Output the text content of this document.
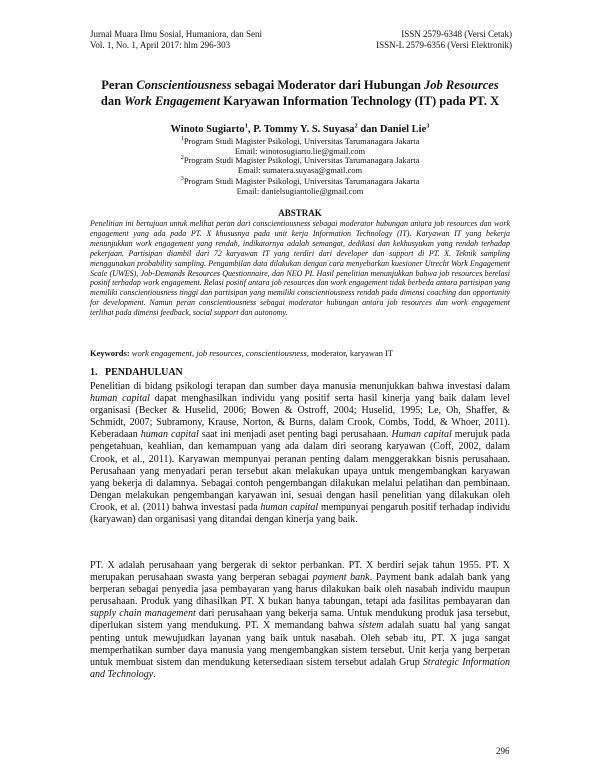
Jurnal Muara Ilmu Sosial, Humaniora, dan Seni
Vol. 1, No. 1, April 2017: hlm 296-303
ISSN 2579-6348 (Versi Cetak)
ISSN-L 2579-6356 (Versi Elektronik)
Peran Conscientiousness sebagai Moderator dari Hubungan Job Resources
dan Work Engagement Karyawan Information Technology (IT) pada PT. X
Winoto Sugiarto$^1$, P. Tommy Y. S. Suyasa$^2$ dan Daniel Lie$^3$
$^1$Program Studi Magister Psikologi, Universitas Tarumanagara Jakarta
Email: winotosugiarto.lie@gmail.com
$^2$Program Studi Magister Psikologi, Universitas Tarumanagara Jakarta
Email: sumatera.suyasa@gmail.com
$^3$Program Studi Magister Psikologi, Universitas Tarumanagara Jakarta
Email: danielsugiantolie@gmail.com
ABSTRAK
Penelitian ini bertujuan untuk melihat peran dari conscientiousness sebagai moderator hubungan antara job resources dan work engagement yang ada pada PT. X khususnya pada unit kerja Information Technology (IT). Karyawan IT yang bekerja menunjukkan work engagement yang rendah, indikatornya adalah semangat, dedikasi dan kekhusyukan yang rendah terhadap pekerjaan. Partisipan diambil dari 72 karyawan IT yang terdiri dari developer dan support di PT. X. Teknik sampling menggunakan probability sampling. Pengambilan data dilakukan dengan cara menyebarkan kuesioner Utrecht Work Engagement Scale (UWES), Job-Demands Resources Questionnaire, dan NEO PI. Hasil penelitian menunjukkan bahwa job resources berelasi positif terhadap work engagement. Relasi positif antara job resources dan work engagement tidak berbeda antara partisipan yang memiliki conscientiousness tinggi dan partisipan yang memiliki conscientiousness rendah pada dimensi coaching dan opportunity for development. Namun peran conscientiousness sebagai moderator hubungan antara job resources dan work engagement terlihat pada dimensi feedback, social support dan autonomy.
Keywords: work engagement, job resources, conscientiousness, moderator, karyawan IT
1. PENDAHULUAN
Penelitian di bidang psikologi terapan dan sumber daya manusia menunjukkan bahwa investasi dalam human capital dapat menghasilkan individu yang positif serta hasil kinerja yang baik dalam level organisasi (Becker & Huselid, 2006; Bowen & Ostroff, 2004; Huselid, 1995; Le, Oh, Shaffer, & Schmidt, 2007; Subramony, Krause, Norton, & Burns, dalam Crook, Combs, Todd, & Whoer, 2011). Keberadaan human capital saat ini menjadi aset penting bagi perusahaan. Human capital merujuk pada pengetahuan, keahlian, dan kemampuan yang ada dalam diri seorang karyawan (Coff, 2002, dalam Crook, et al., 2011). Karyawan mempunyai peranan penting dalam menggerakkan bisnis perusahaan. Perusahaan yang menyadari peran tersebut akan melakukan upaya untuk mengembangkan karyawan yang bekerja di dalamnya. Sebagai contoh pengembangan dilakukan melalui pelatihan dan pembinaan. Dengan melakukan pengembangan karyawan ini, sesuai dengan hasil penelitian yang dilakukan oleh Crook, et al. (2011) bahwa investasi pada human capital mempunyai pengaruh positif terhadap individu (karyawan) dan organisasi yang ditandai dengan kinerja yang baik.
PT. X adalah perusahaan yang bergerak di sektor perbankan. PT. X berdiri sejak tahun 1955. PT. X merupakan perusahaan swasta yang berperan sebagai payment bank. Payment bank adalah bank yang berperan sebagai penyedia jasa pembayaran yang harus dilakukan baik oleh nasabah individu maupun perusahaan. Produk yang dihasilkan PT. X bukan hanya tabungan, tetapi ada fasilitas pembayaran dan supply chain management dari perusahaan yang bekerja sama. Untuk mendukung produk jasa tersebut, diperlukan sistem yang mendukung. PT. X memandang bahwa sistem adalah suatu hal yang sangat penting untuk mewujudkan layanan yang baik untuk nasabah. Oleh sebab itu, PT. X juga sangat memperhatikan sumber daya manusia yang mengembangkan sistem tersebut. Unit kerja yang berperan untuk membuat sistem dan mendukung ketersediaan sistem tersebut adalah Grup Strategic Information and Technology.
296
